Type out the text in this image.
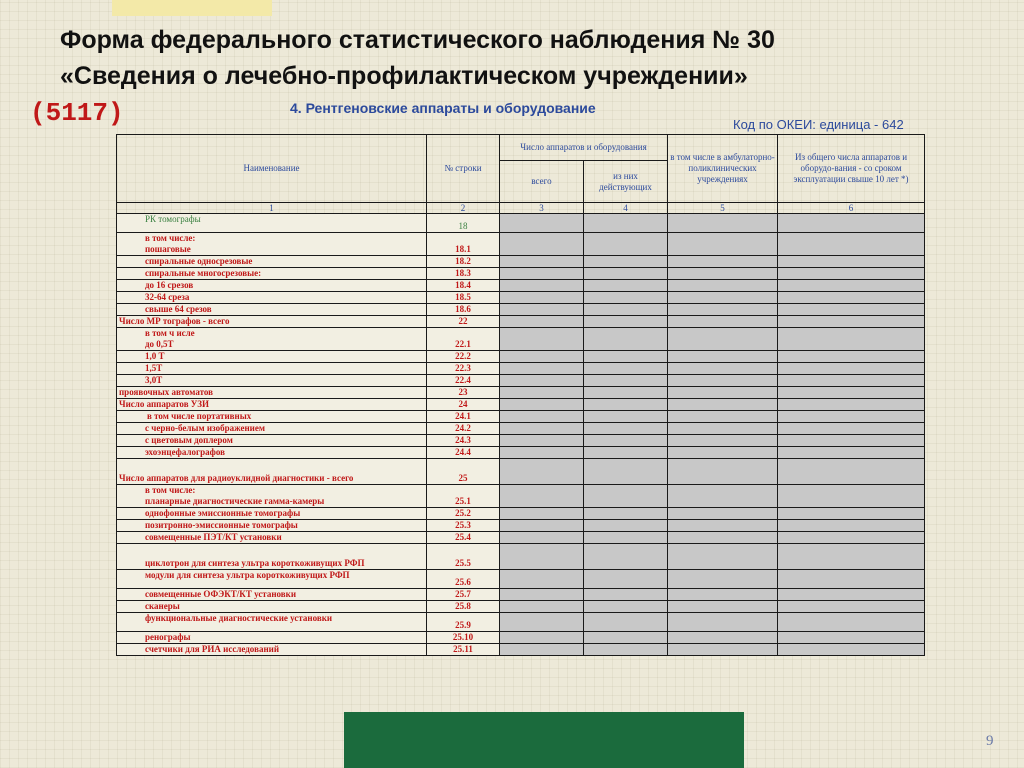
Форма федерального статистического наблюдения № 30
«Сведения о лечебно-профилактическом учреждении»
(5117)	4. Рентгеновские аппараты и оборудование
Код по ОКЕИ: единица - 642
9
Наименование	№ строки	Число аппаратов и оборудования		в том числе в амбулаторно-поликлинических учреждениях	Из общего числа аппаратов и оборудо-вания - со сроком эксплуатации свыше 10 лет *)
		всего	из них действующих		
1	2	3	4	5	6
РК томографы	18				

в том числе:
пошаговые	18.1				
спиральные односрезовые	18.2				
спиральные многосрезовые:	18.3				
до 16 срезов	18.4				
32-64 среза	18.5				
свыше 64 срезов	18.6				
Число МР тографов - всего	22				

в том ч исле
до 0,5Т	22.1				
1,0 Т	22.2				
1,5Т	22.3				
3,0Т	22.4				
проявочных автоматов	23				
Число аппаратов УЗИ	24				
в том числе портативных	24.1				
с черно-белым изображением	24.2				
с цветовым доплером	24.3				
эхоэнцефалографов	24.4				
Число аппаратов для радиоуклидной диагностики - всего	25				

в том числе:
планарные диагностические гамма-камеры	25.1				
однофонные эмиссионные томографы	25.2				
позитронно-эмиссионные томографы	25.3				
совмещенные ПЭТ/КТ установки	25.4				
циклотрон для синтеза ультра короткоживущих РФП	25.5				
модули для синтеза ультра короткоживущих РФП	25.6				
совмещенные ОФЭКТ/КТ установки	25.7				
сканеры	25.8				
функциональные диагностические установки	25.9				
ренографы	25.10				
счетчики для РИА исследований	25.11				
